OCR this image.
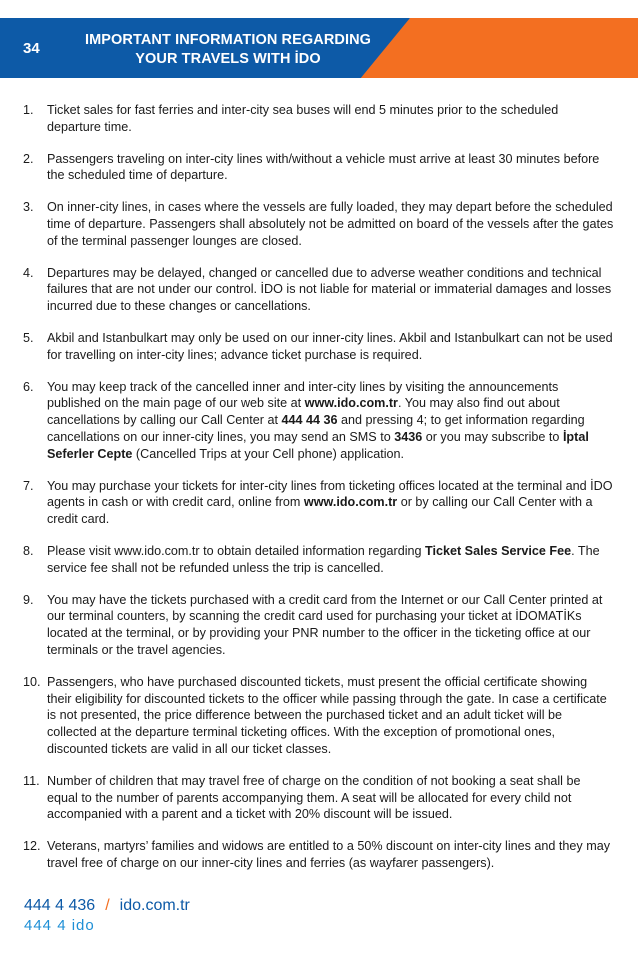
34	IMPORTANT INFORMATION REGARDING
YOUR TRAVELS WITH İDO
1. Ticket sales for fast ferries and inter-city sea buses will end 5 minutes prior to the scheduled departure time.
2. Passengers traveling on inter-city lines with/without a vehicle must arrive at least 30 minutes before the scheduled time of departure.
3. On inner-city lines, in cases where the vessels are fully loaded, they may depart before the scheduled time of departure. Passengers shall absolutely not be admitted on board of the vessels after the gates of the terminal passenger lounges are closed.
4. Departures may be delayed, changed or cancelled due to adverse weather conditions and technical failures that are not under our control. İDO is not liable for material or immaterial damages and losses incurred due to these changes or cancellations.
5. Akbil and Istanbulkart may only be used on our inner-city lines. Akbil and Istanbulkart can not be used for travelling on inter-city lines; advance ticket purchase is required.
6. You may keep track of the cancelled inner and inter-city lines by visiting the announcements published on the main page of our web site at www.ido.com.tr. You may also find out about cancellations by calling our Call Center at 444 44 36 and pressing 4; to get information regarding cancellations on our inner-city lines, you may send an SMS to 3436 or you may subscribe to İptal Seferler Cepte (Cancelled Trips at your Cell phone) application.
7. You may purchase your tickets for inter-city lines from ticketing offices located at the terminal and İDO agents in cash or with credit card, online from www.ido.com.tr or by calling our Call Center with a credit card.
8. Please visit www.ido.com.tr to obtain detailed information regarding Ticket Sales Service Fee. The service fee shall not be refunded unless the trip is cancelled.
9. You may have the tickets purchased with a credit card from the Internet or our Call Center printed at our terminal counters, by scanning the credit card used for purchasing your ticket at İDOMATİKs located at the terminal, or by providing your PNR number to the officer in the ticketing office at our terminals or the travel agencies.
10. Passengers, who have purchased discounted tickets, must present the official certificate showing their eligibility for discounted tickets to the officer while passing through the gate. In case a certificate is not presented, the price difference between the purchased ticket and an adult ticket will be collected at the departure terminal ticketing offices. With the exception of promotional ones, discounted tickets are valid in all our ticket classes.
11. Number of children that may travel free of charge on the condition of not booking a seat shall be equal to the number of parents accompanying them. A seat will be allocated for every child not accompanied with a parent and a ticket with 20% discount will be issued.
12. Veterans, martyrs’ families and widows are entitled to a 50% discount on inter-city lines and they may travel free of charge on our inner-city lines and ferries (as wayfarer passengers).
444 4 436 / ido.com.tr
444 4 ido
